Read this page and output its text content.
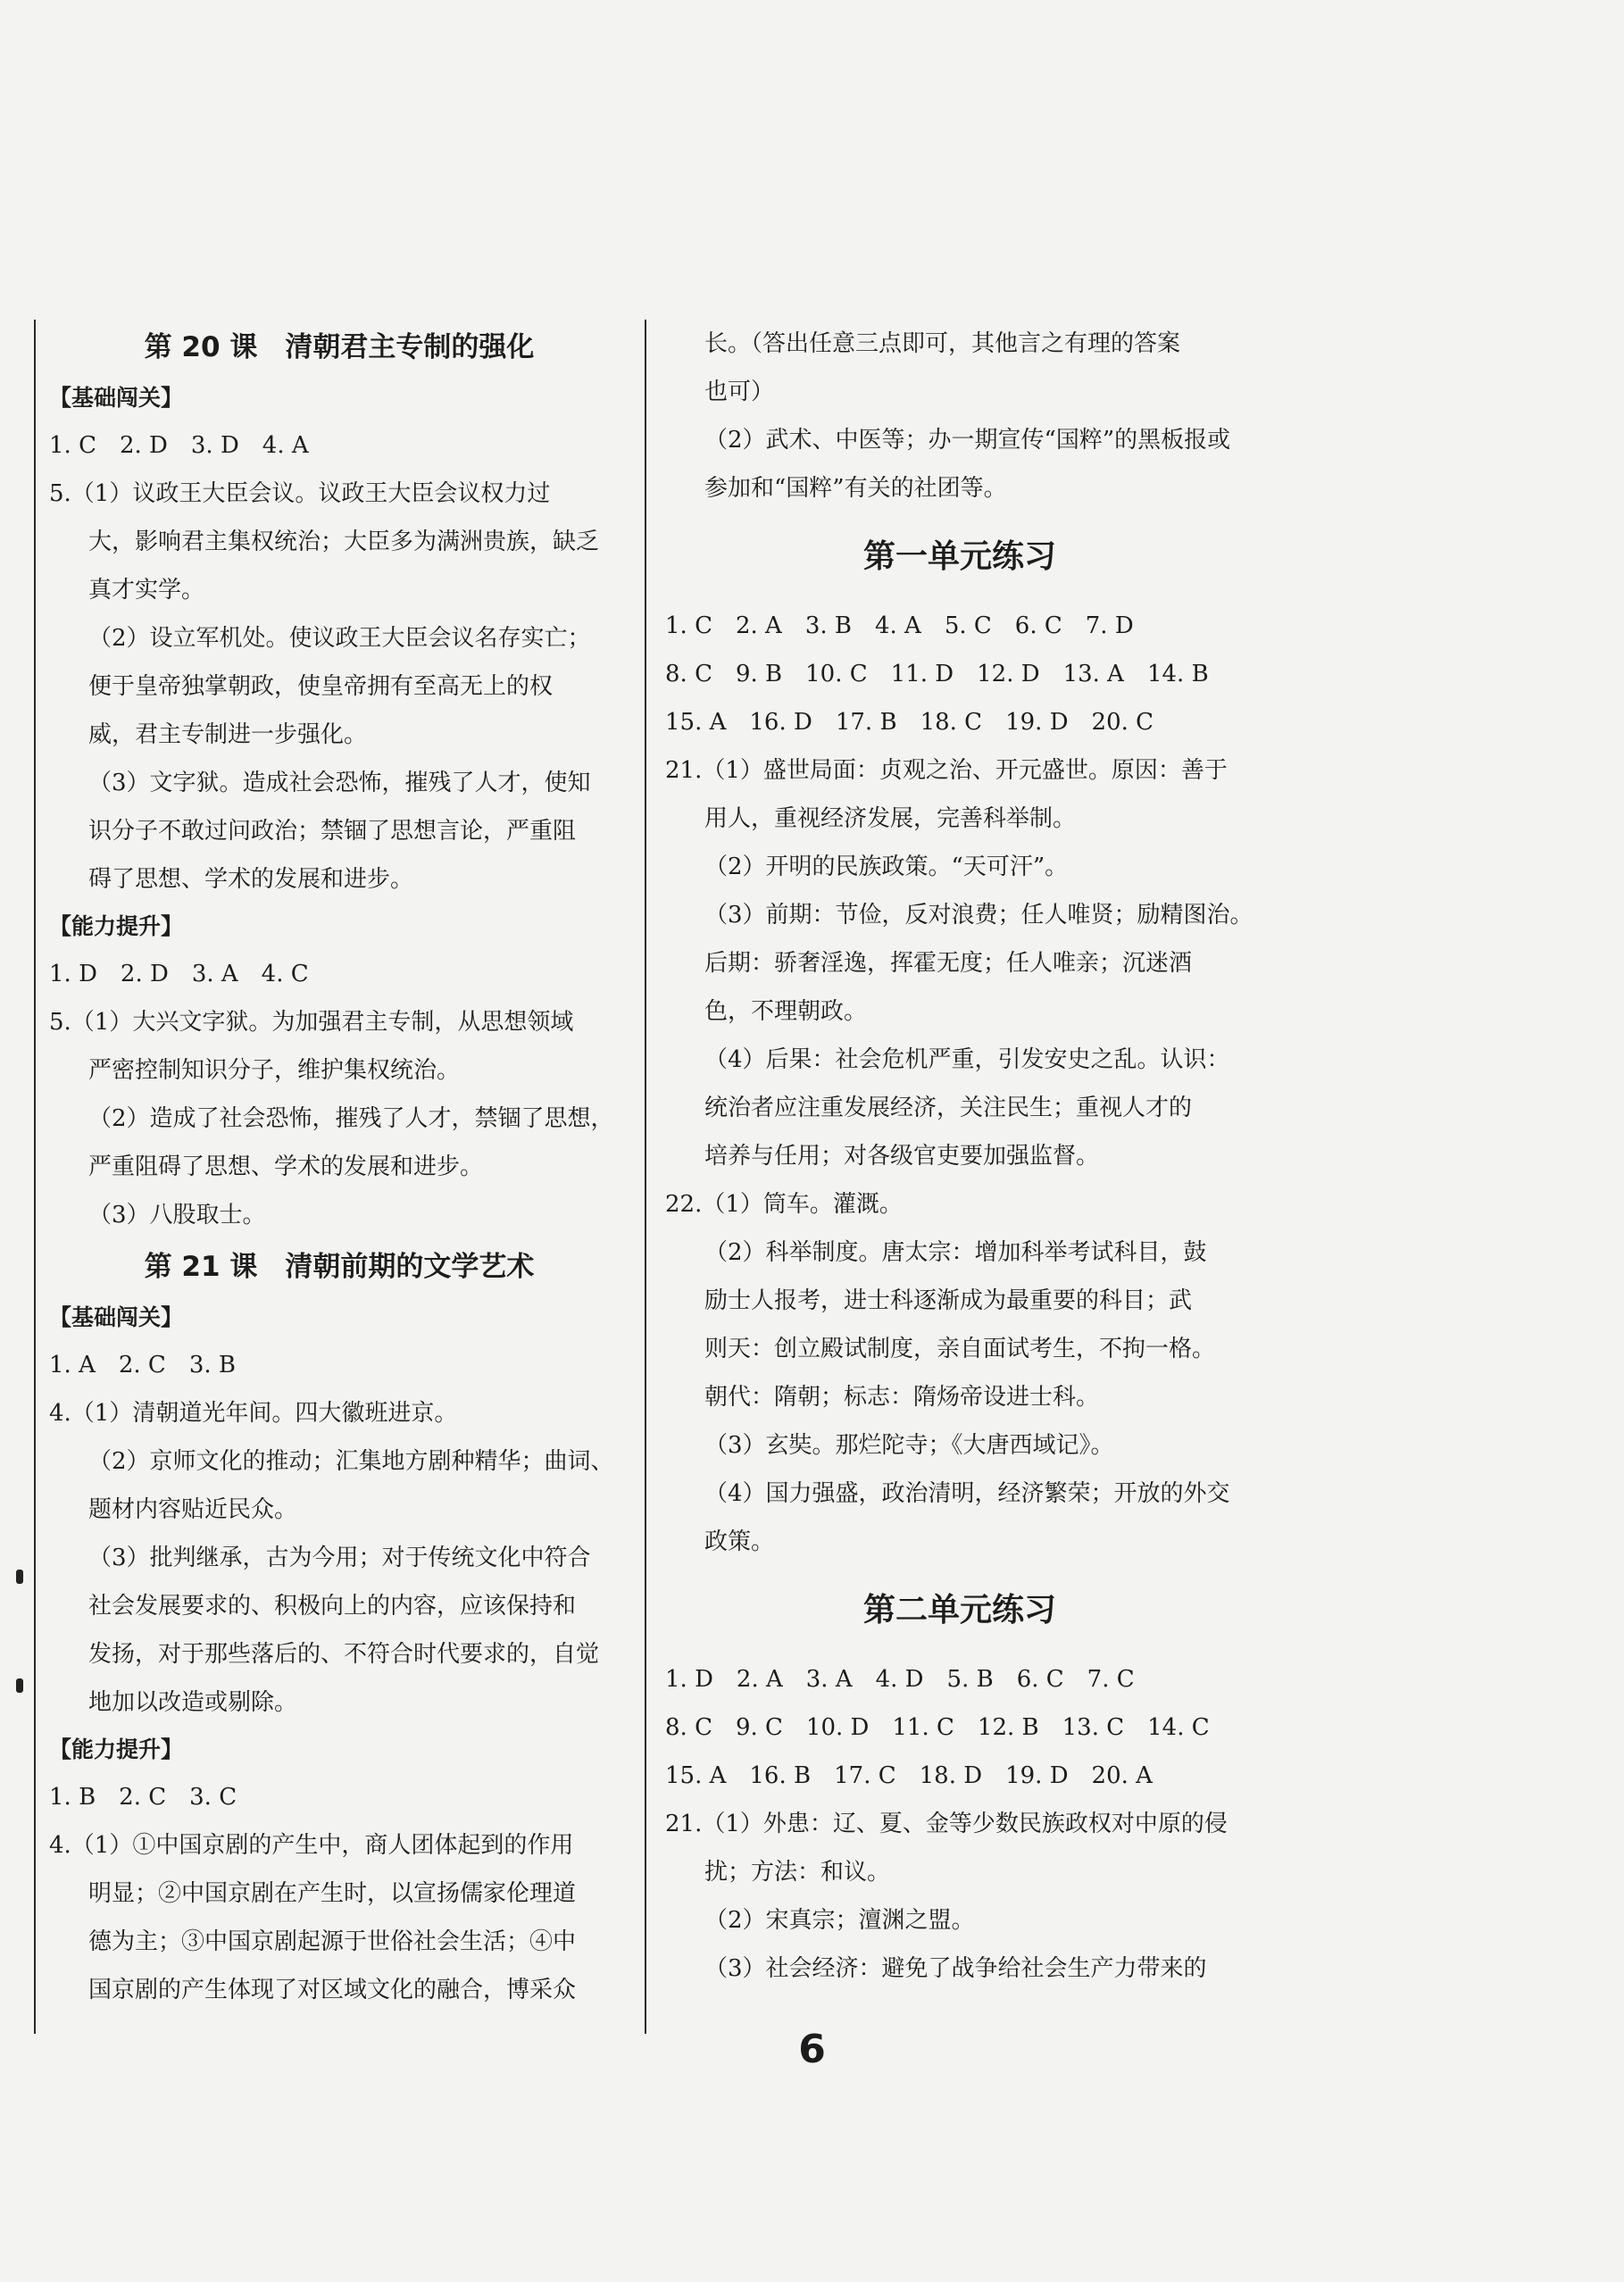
第 20 课　清朝君主专制的强化
【基础闯关】
1. C　2. D　3. D　4. A
5.（1）议政王大臣会议。议政王大臣会议权力过
大，影响君主集权统治；大臣多为满洲贵族，缺乏
真才实学。
（2）设立军机处。使议政王大臣会议名存实亡；
便于皇帝独掌朝政，使皇帝拥有至高无上的权
威，君主专制进一步强化。
（3）文字狱。造成社会恐怖，摧残了人才，使知
识分子不敢过问政治；禁锢了思想言论，严重阻
碍了思想、学术的发展和进步。
【能力提升】
1. D　2. D　3. A　4. C
5.（1）大兴文字狱。为加强君主专制，从思想领域
严密控制知识分子，维护集权统治。
（2）造成了社会恐怖，摧残了人才，禁锢了思想，
严重阻碍了思想、学术的发展和进步。
（3）八股取士。
第 21 课　清朝前期的文学艺术
【基础闯关】
1. A　2. C　3. B
4.（1）清朝道光年间。四大徽班进京。
（2）京师文化的推动；汇集地方剧种精华；曲词、
题材内容贴近民众。
（3）批判继承，古为今用；对于传统文化中符合
社会发展要求的、积极向上的内容，应该保持和
发扬，对于那些落后的、不符合时代要求的，自觉
地加以改造或剔除。
【能力提升】
1. B　2. C　3. C
4.（1）①中国京剧的产生中，商人团体起到的作用
明显；②中国京剧在产生时，以宣扬儒家伦理道
德为主；③中国京剧起源于世俗社会生活；④中
国京剧的产生体现了对区域文化的融合，博采众
长。（答出任意三点即可，其他言之有理的答案
也可）
（2）武术、中医等；办一期宣传“国粹”的黑板报或
参加和“国粹”有关的社团等。
第一单元练习
1. C　2. A　3. B　4. A　5. C　6. C　7. D
8. C　9. B　10. C　11. D　12. D　13. A　14. B
15. A　16. D　17. B　18. C　19. D　20. C
21.（1）盛世局面：贞观之治、开元盛世。原因：善于
用人，重视经济发展，完善科举制。
（2）开明的民族政策。“天可汗”。
（3）前期：节俭，反对浪费；任人唯贤；励精图治。
后期：骄奢淫逸，挥霍无度；任人唯亲；沉迷酒
色，不理朝政。
（4）后果：社会危机严重，引发安史之乱。认识：
统治者应注重发展经济，关注民生；重视人才的
培养与任用；对各级官吏要加强监督。
22.（1）筒车。灌溉。
（2）科举制度。唐太宗：增加科举考试科目，鼓
励士人报考，进士科逐渐成为最重要的科目；武
则天：创立殿试制度，亲自面试考生，不拘一格。
朝代：隋朝；标志：隋炀帝设进士科。
（3）玄奘。那烂陀寺；《大唐西域记》。
（4）国力强盛，政治清明，经济繁荣；开放的外交
政策。
第二单元练习
1. D　2. A　3. A　4. D　5. B　6. C　7. C
8. C　9. C　10. D　11. C　12. B　13. C　14. C
15. A　16. B　17. C　18. D　19. D　20. A
21.（1）外患：辽、夏、金等少数民族政权对中原的侵
扰；方法：和议。
（2）宋真宗；澶渊之盟。
（3）社会经济：避免了战争给社会生产力带来的
6
